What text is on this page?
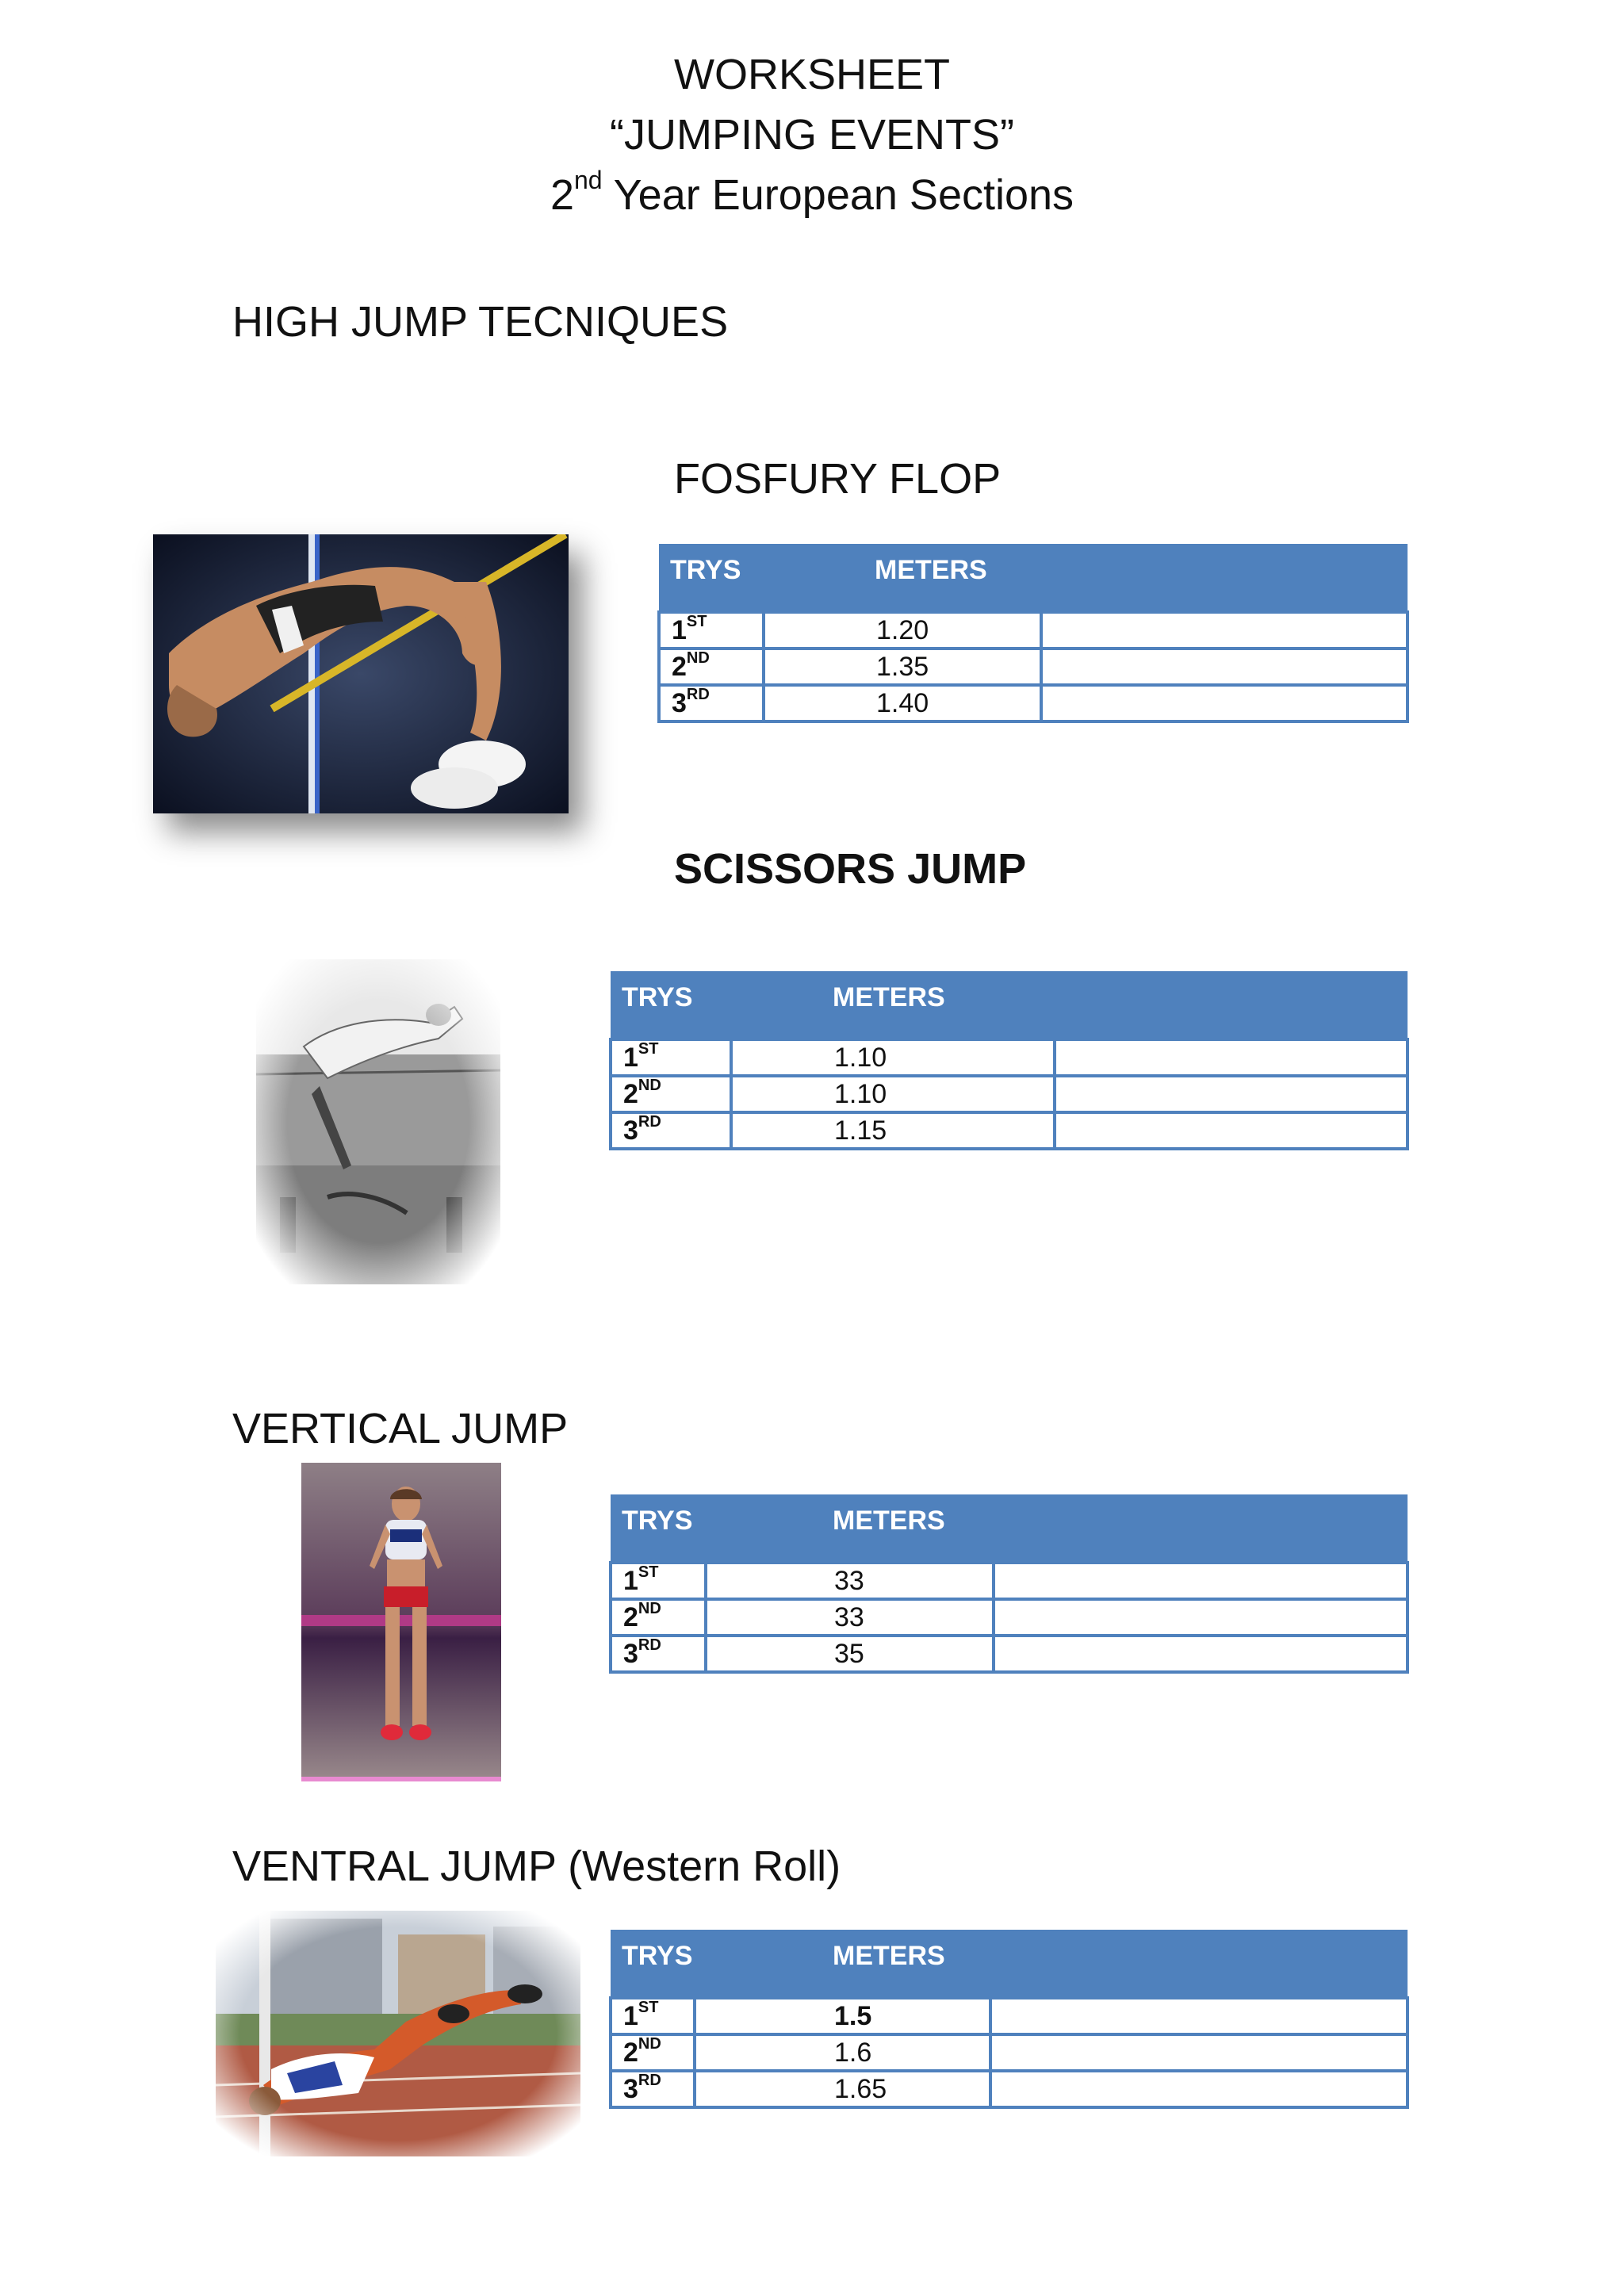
WORKSHEET
“JUMPING EVENTS”
2nd Year European Sections
HIGH JUMP TECNIQUES
FOSFURY FLOP
TRYS	METERS	
1ST	1.20	
2ND	1.35	
3RD	1.40	
SCISSORS JUMP
TRYS	METERS	
1ST	1.10	
2ND	1.10	
3RD	1.15	
VERTICAL JUMP
TRYS	METERS	
1ST	33	
2ND	33	
3RD	35	
VENTRAL JUMP (Western Roll)
TRYS	METERS	
1ST	1.5	
2ND	1.6	
3RD	1.65	
